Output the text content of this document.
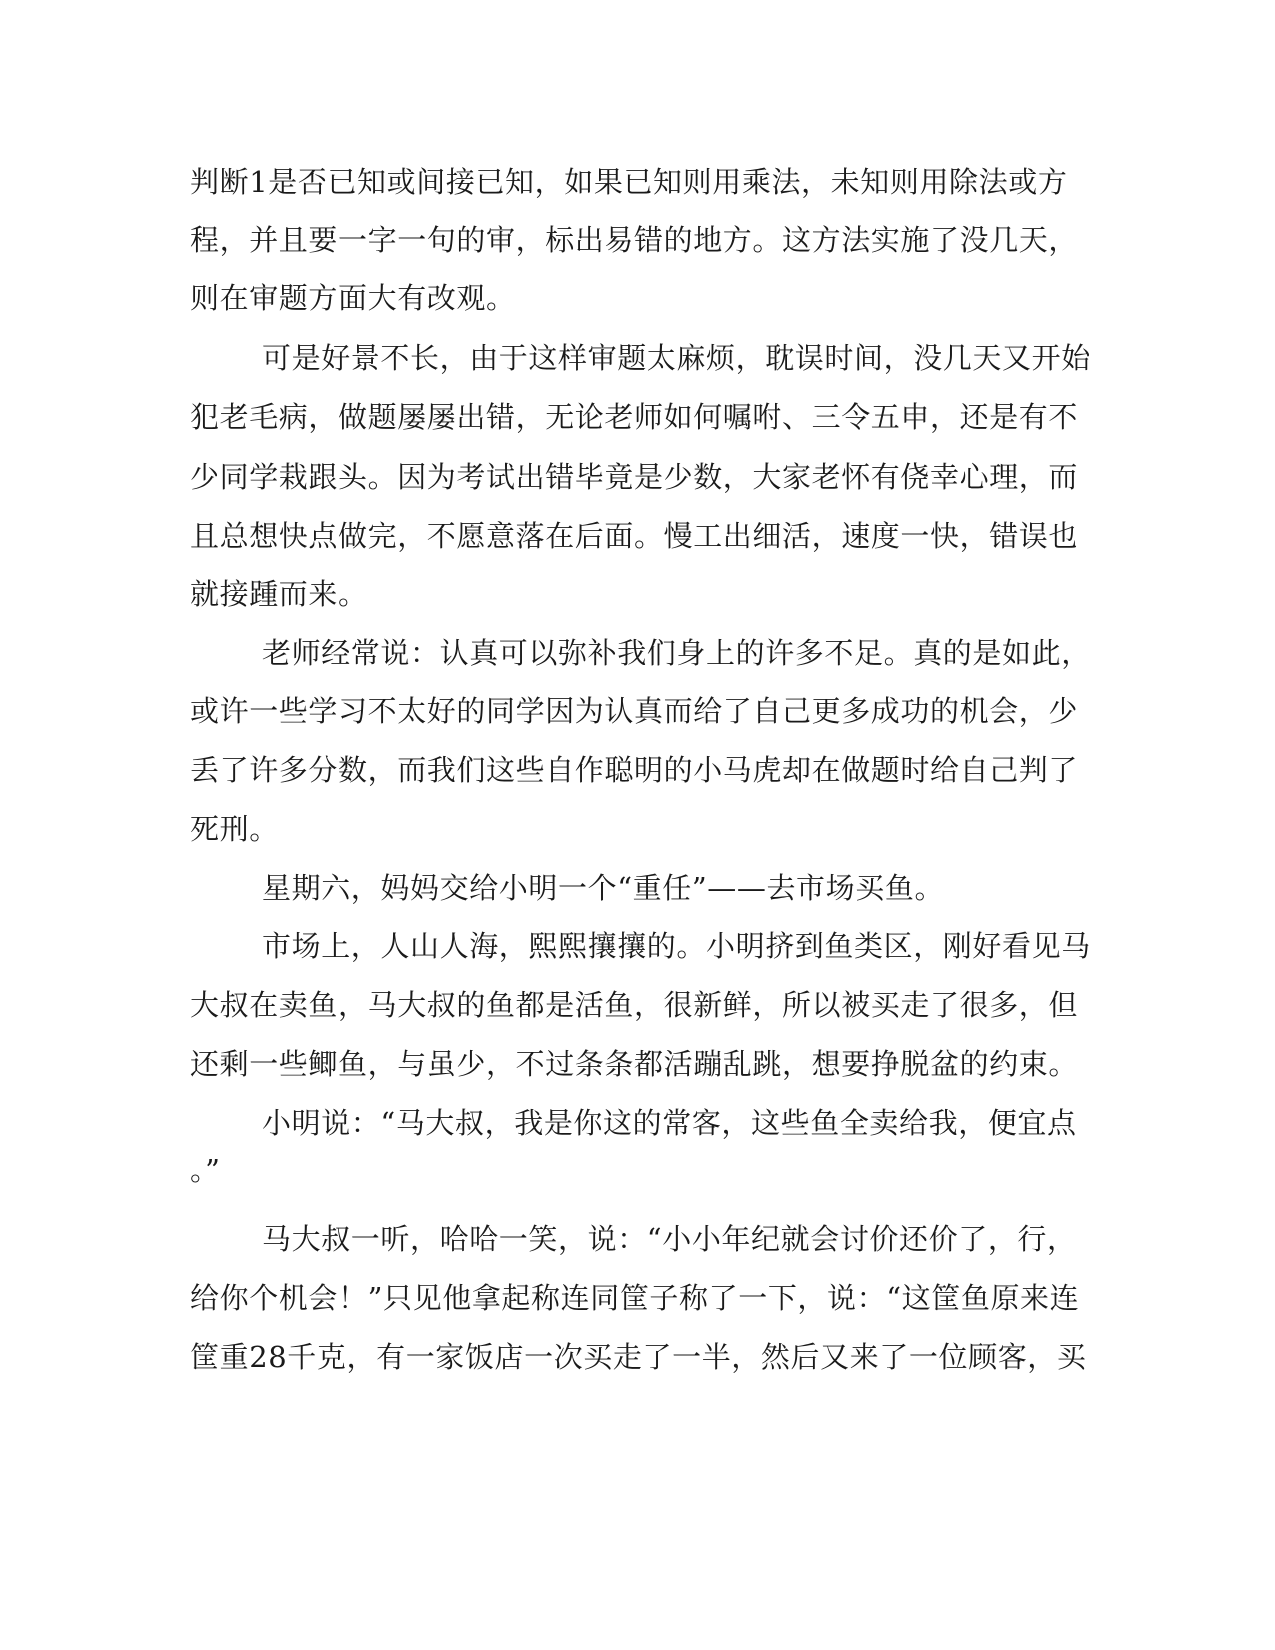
判断1是否已知或间接已知，如果已知则用乘法，未知则用除法或方

程，并且要一字一句的审，标出易错的地方。这方法实施了没几天，

则在审题方面大有改观。

可是好景不长，由于这样审题太麻烦，耽误时间，没几天又开始

犯老毛病，做题屡屡出错，无论老师如何嘱咐、三令五申，还是有不

少同学栽跟头。因为考试出错毕竟是少数，大家老怀有侥幸心理，而

且总想快点做完，不愿意落在后面。慢工出细活，速度一快，错误也

就接踵而来。

老师经常说：认真可以弥补我们身上的许多不足。真的是如此，

或许一些学习不太好的同学因为认真而给了自己更多成功的机会，少

丢了许多分数，而我们这些自作聪明的小马虎却在做题时给自己判了

死刑。

星期六，妈妈交给小明一个“重任”——去市场买鱼。

市场上，人山人海，熙熙攘攘的。小明挤到鱼类区，刚好看见马

大叔在卖鱼，马大叔的鱼都是活鱼，很新鲜，所以被买走了很多，但

还剩一些鲫鱼，与虽少，不过条条都活蹦乱跳，想要挣脱盆的约束。

小明说：“马大叔，我是你这的常客，这些鱼全卖给我，便宜点

。”

马大叔一听，哈哈一笑，说：“小小年纪就会讨价还价了，行，

给你个机会！”只见他拿起称连同筐子称了一下，说：“这筐鱼原来连

筐重28千克，有一家饭店一次买走了一半，然后又来了一位顾客，买
